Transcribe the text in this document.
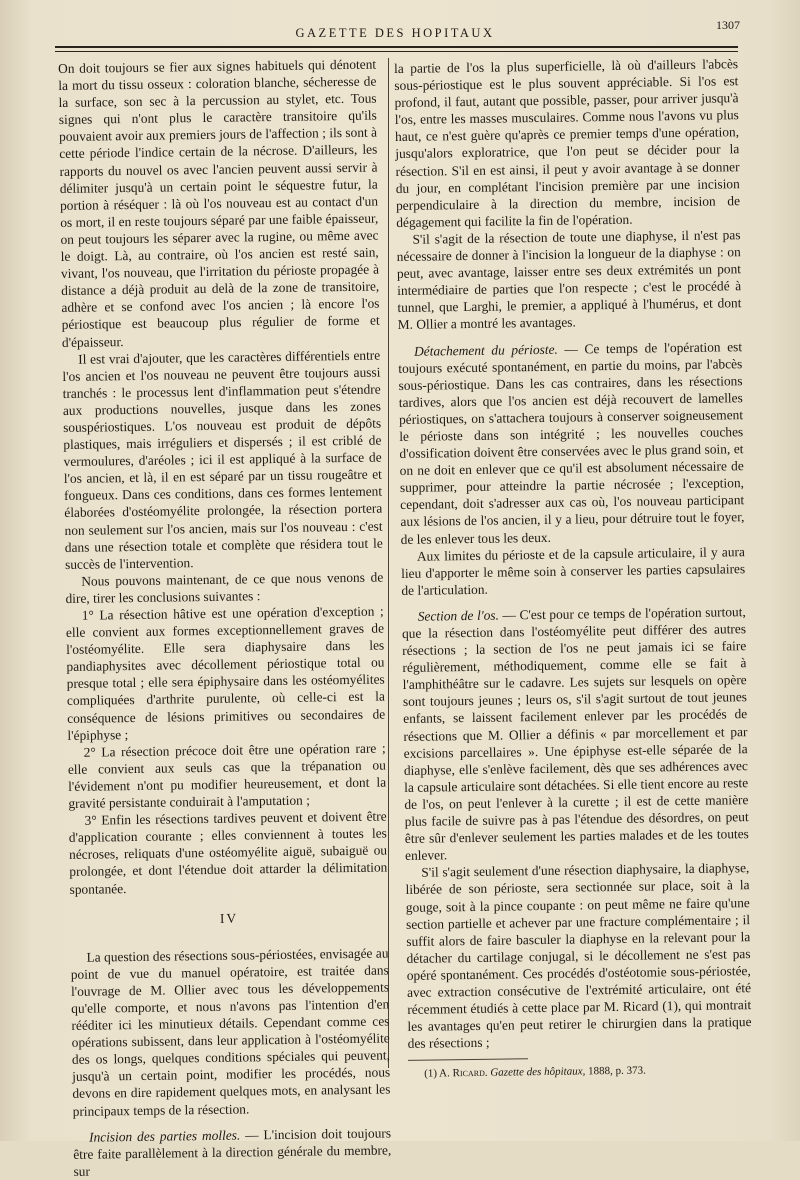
GAZETTE DES HOPITAUX
1307

On doit toujours se fier aux signes habituels qui dénotent la mort du tissu osseux : coloration blanche, sécheresse de la surface, son sec à la percussion au stylet, etc. Tous signes qui n'ont plus le caractère transitoire qu'ils pouvaient avoir aux premiers jours de l'affection ; ils sont à cette période l'indice certain de la nécrose. D'ailleurs, les rapports du nouvel os avec l'ancien peuvent aussi servir à délimiter jusqu'à un certain point le séquestre futur, la portion à réséquer : là où l'os nouveau est au contact d'un os mort, il en reste toujours séparé par une faible épaisseur, on peut toujours les séparer avec la rugine, ou même avec le doigt. Là, au contraire, où l'os ancien est resté sain, vivant, l'os nouveau, que l'irritation du périoste propagée à distance a déjà produit au delà de la zone de transitoire, adhère et se confond avec l'os ancien ; là encore l'os périostique est beaucoup plus régulier de forme et d'épaisseur.

Il est vrai d'ajouter, que les caractères différentiels entre l'os ancien et l'os nouveau ne peuvent être toujours aussi tranchés : le processus lent d'inflammation peut s'étendre aux productions nouvelles, jusque dans les zones souspériostiques. L'os nouveau est produit de dépôts plastiques, mais irréguliers et dispersés ; il est criblé de vermoulures, d'aréoles ; ici il est appliqué à la surface de l'os ancien, et là, il en est séparé par un tissu rougeâtre et fongueux. Dans ces conditions, dans ces formes lentement élaborées d'ostéomyélite prolongée, la résection portera non seulement sur l'os ancien, mais sur l'os nouveau : c'est dans une résection totale et complète que résidera tout le succès de l'intervention.

Nous pouvons maintenant, de ce que nous venons de dire, tirer les conclusions suivantes :

1° La résection hâtive est une opération d'exception ; elle convient aux formes exceptionnellement graves de l'ostéomyélite. Elle sera diaphysaire dans les pandiaphysites avec décollement périostique total ou presque total ; elle sera épiphysaire dans les ostéomyélites compliquées d'arthrite purulente, où celle-ci est la conséquence de lésions primitives ou secondaires de l'épiphyse ;

2° La résection précoce doit être une opération rare ; elle convient aux seuls cas que la trépanation ou l'évidement n'ont pu modifier heureusement, et dont la gravité persistante conduirait à l'amputation ;

3° Enfin les résections tardives peuvent et doivent être d'application courante ; elles conviennent à toutes les nécroses, reliquats d'une ostéomyélite aiguë, subaiguë ou prolongée, et dont l'étendue doit attarder la délimitation spontanée.

IV

La question des résections sous-périostées, envisagée au point de vue du manuel opératoire, est traitée dans l'ouvrage de M. Ollier avec tous les développements qu'elle comporte, et nous n'avons pas l'intention d'en rééditer ici les minutieux détails. Cependant comme ces opérations subissent, dans leur application à l'ostéomyélite des os longs, quelques conditions spéciales qui peuvent, jusqu'à un certain point, modifier les procédés, nous devons en dire rapidement quelques mots, en analysant les principaux temps de la résection.

Incision des parties molles. — L'incision doit toujours être faite parallèlement à la direction générale du membre, sur

la partie de l'os la plus superficielle, là où d'ailleurs l'abcès sous-périostique est le plus souvent appréciable. Si l'os est profond, il faut, autant que possible, passer, pour arriver jusqu'à l'os, entre les masses musculaires. Comme nous l'avons vu plus haut, ce n'est guère qu'après ce premier temps d'une opération, jusqu'alors exploratrice, que l'on peut se décider pour la résection. S'il en est ainsi, il peut y avoir avantage à se donner du jour, en complétant l'incision première par une incision perpendiculaire à la direction du membre, incision de dégagement qui facilite la fin de l'opération.

S'il s'agit de la résection de toute une diaphyse, il n'est pas nécessaire de donner à l'incision la longueur de la diaphyse : on peut, avec avantage, laisser entre ses deux extrémités un pont intermédiaire de parties que l'on respecte ; c'est le procédé à tunnel, que Larghi, le premier, a appliqué à l'humérus, et dont M. Ollier a montré les avantages.

Détachement du périoste. — Ce temps de l'opération est toujours exécuté spontanément, en partie du moins, par l'abcès sous-périostique. Dans les cas contraires, dans les résections tardives, alors que l'os ancien est déjà recouvert de lamelles périostiques, on s'attachera toujours à conserver soigneusement le périoste dans son intégrité ; les nouvelles couches d'ossification doivent être conservées avec le plus grand soin, et on ne doit en enlever que ce qu'il est absolument nécessaire de supprimer, pour atteindre la partie nécrosée ; l'exception, cependant, doit s'adresser aux cas où, l'os nouveau participant aux lésions de l'os ancien, il y a lieu, pour détruire tout le foyer, de les enlever tous les deux.

Aux limites du périoste et de la capsule articulaire, il y aura lieu d'apporter le même soin à conserver les parties capsulaires de l'articulation.

Section de l'os. — C'est pour ce temps de l'opération surtout, que la résection dans l'ostéomyélite peut différer des autres résections ; la section de l'os ne peut jamais ici se faire régulièrement, méthodiquement, comme elle se fait à l'amphithéâtre sur le cadavre. Les sujets sur lesquels on opère sont toujours jeunes ; leurs os, s'il s'agit surtout de tout jeunes enfants, se laissent facilement enlever par les procédés de résections que M. Ollier a définis « par morcellement et par excisions parcellaires ». Une épiphyse est-elle séparée de la diaphyse, elle s'enlève facilement, dès que ses adhérences avec la capsule articulaire sont détachées. Si elle tient encore au reste de l'os, on peut l'enlever à la curette ; il est de cette manière plus facile de suivre pas à pas l'étendue des désordres, on peut être sûr d'enlever seulement les parties malades et de les toutes enlever.

S'il s'agit seulement d'une résection diaphysaire, la diaphyse, libérée de son périoste, sera sectionnée sur place, soit à la gouge, soit à la pince coupante : on peut même ne faire qu'une section partielle et achever par une fracture complémentaire ; il suffit alors de faire basculer la diaphyse en la relevant pour la détacher du cartilage conjugal, si le décollement ne s'est pas opéré spontanément. Ces procédés d'ostéotomie sous-périostée, avec extraction consécutive de l'extrémité articulaire, ont été récemment étudiés à cette place par M. Ricard (1), qui montrait les avantages qu'en peut retirer le chirurgien dans la pratique des résections ;

(1) A. Ricard. Gazette des hôpitaux, 1888, p. 373.
